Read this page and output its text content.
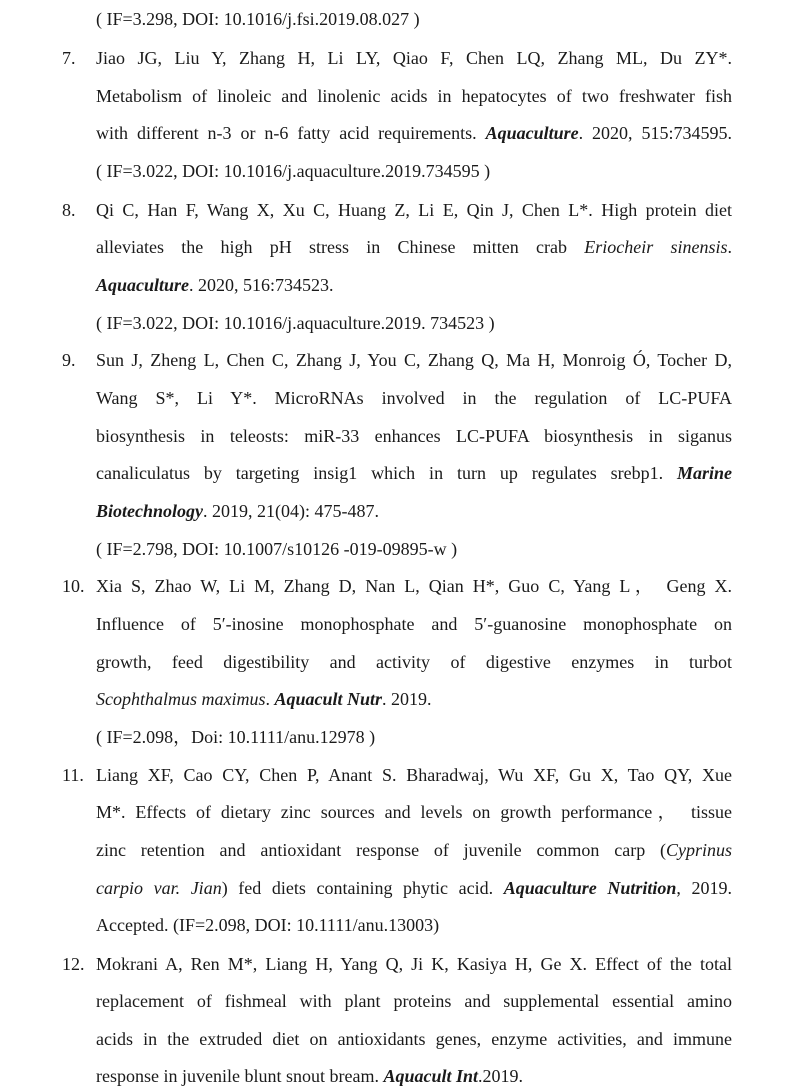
( IF=3.298, DOI: 10.1016/j.fsi.2019.08.027 )
7. Jiao JG, Liu Y, Zhang H, Li LY, Qiao F, Chen LQ, Zhang ML, Du ZY*.
Metabolism of linoleic and linolenic acids in hepatocytes of two freshwater fish
with different n-3 or n-6 fatty acid requirements. Aquaculture. 2020, 515:734595.
( IF=3.022, DOI: 10.1016/j.aquaculture.2019.734595 )
8. Qi C, Han F, Wang X, Xu C, Huang Z, Li E, Qin J, Chen L*. High protein diet
alleviates the high pH stress in Chinese mitten crab Eriocheir sinensis.
Aquaculture. 2020, 516:734523.
( IF=3.022, DOI: 10.1016/j.aquaculture.2019. 734523 )
9. Sun J, Zheng L, Chen C, Zhang J, You C, Zhang Q, Ma H, Monroig Ó, Tocher D,
Wang S*, Li Y*. MicroRNAs involved in the regulation of LC-PUFA
biosynthesis in teleosts: miR-33 enhances LC-PUFA biosynthesis in siganus
canaliculatus by targeting insig1 which in turn up regulates srebp1. Marine
Biotechnology. 2019, 21(04): 475-487.
( IF=2.798, DOI: 10.1007/s10126 -019-09895-w )
10. Xia S, Zhao W, Li M, Zhang D, Nan L, Qian H*, Guo C, Yang L， Geng X.
Influence of 5′-inosine monophosphate and 5′-guanosine monophosphate on
growth, feed digestibility and activity of digestive enzymes in turbot
Scophthalmus maximus. Aquacult Nutr. 2019.
( IF=2.098，Doi: 10.1111/anu.12978 )
11. Liang XF, Cao CY, Chen P, Anant S. Bharadwaj, Wu XF, Gu X, Tao QY, Xue
M*. Effects of dietary zinc sources and levels on growth performance， tissue
zinc retention and antioxidant response of juvenile common carp (Cyprinus
carpio var. Jian) fed diets containing phytic acid. Aquaculture Nutrition, 2019.
Accepted. (IF=2.098, DOI: 10.1111/anu.13003)
12. Mokrani A, Ren M*, Liang H, Yang Q, Ji K, Kasiya H, Ge X. Effect of the total
replacement of fishmeal with plant proteins and supplemental essential amino
acids in the extruded diet on antioxidants genes, enzyme activities, and immune
response in juvenile blunt snout bream. Aquacult Int.2019.
